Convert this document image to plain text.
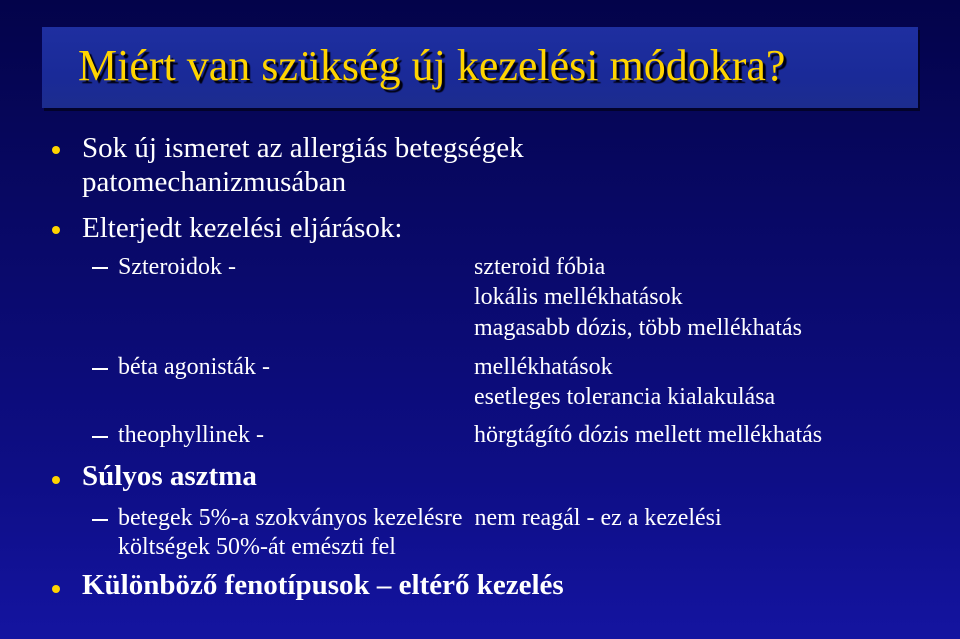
Miért van szükség új kezelési módokra?
Sok új ismeret az allergiás betegségek
patomechanizmusában
Elterjedt kezelési eljárások:
Szteroidok -	szteroid fóbia
lokális mellékhatások
magasabb dózis, több mellékhatás
béta agonisták -	mellékhatások
esetleges tolerancia kialakulása
theophyllinek -	hörgtágító dózis mellett mellékhatás
Súlyos asztma
betegek 5%-a szokványos kezelésre  nem reagál - ez a kezelési
költségek 50%-át emészti fel
Különböző fenotípusok – eltérő kezelés
